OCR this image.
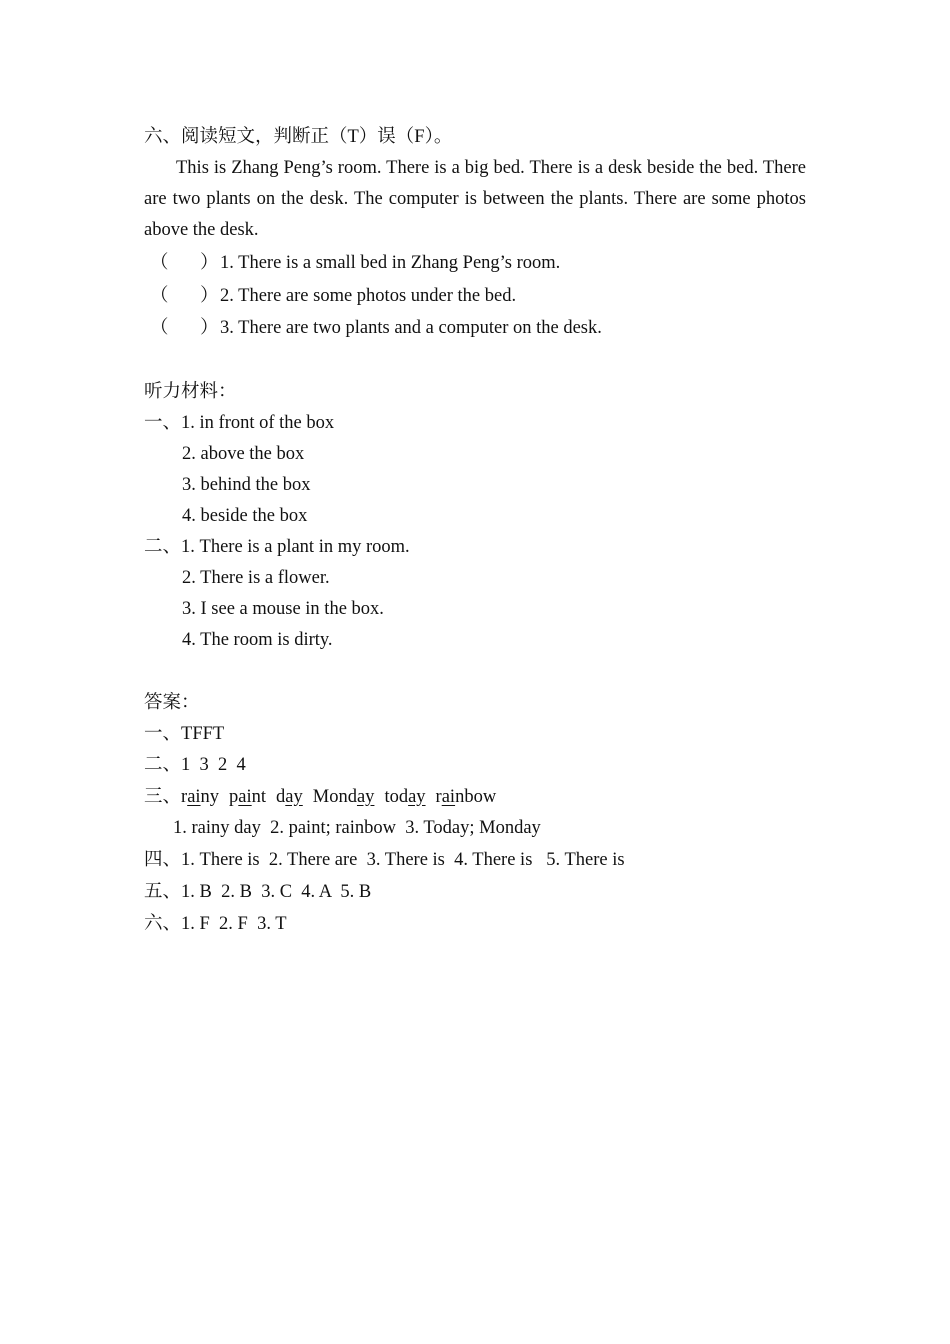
六、阅读短文，判断正（T）误（F）。

This is Zhang Peng’s room. There is a big bed. There is a desk beside the bed. There are two plants on the desk. The computer is between the plants. There are some photos above the desk.

（ ） 1. There is a small bed in Zhang Peng’s room.
（ ） 2. There are some photos under the bed.
（ ） 3. There are two plants and a computer on the desk.
听力材料：
一、1. in front of the box
2. above the box
3. behind the box
4. beside the box
二、1. There is a plant in my room.
2. There is a flower.
3. I see a mouse in the box.
4. The room is dirty.
答案：
一、TFFT
二、1  3  2  4
三、rainy paint day Monday today rainbow
1. rainy day  2. paint; rainbow  3. Today; Monday
四、1. There is  2. There are  3. There is  4. There is   5. There is
五、1. B  2. B  3. C  4. A  5. B
六、1. F  2. F  3. T
